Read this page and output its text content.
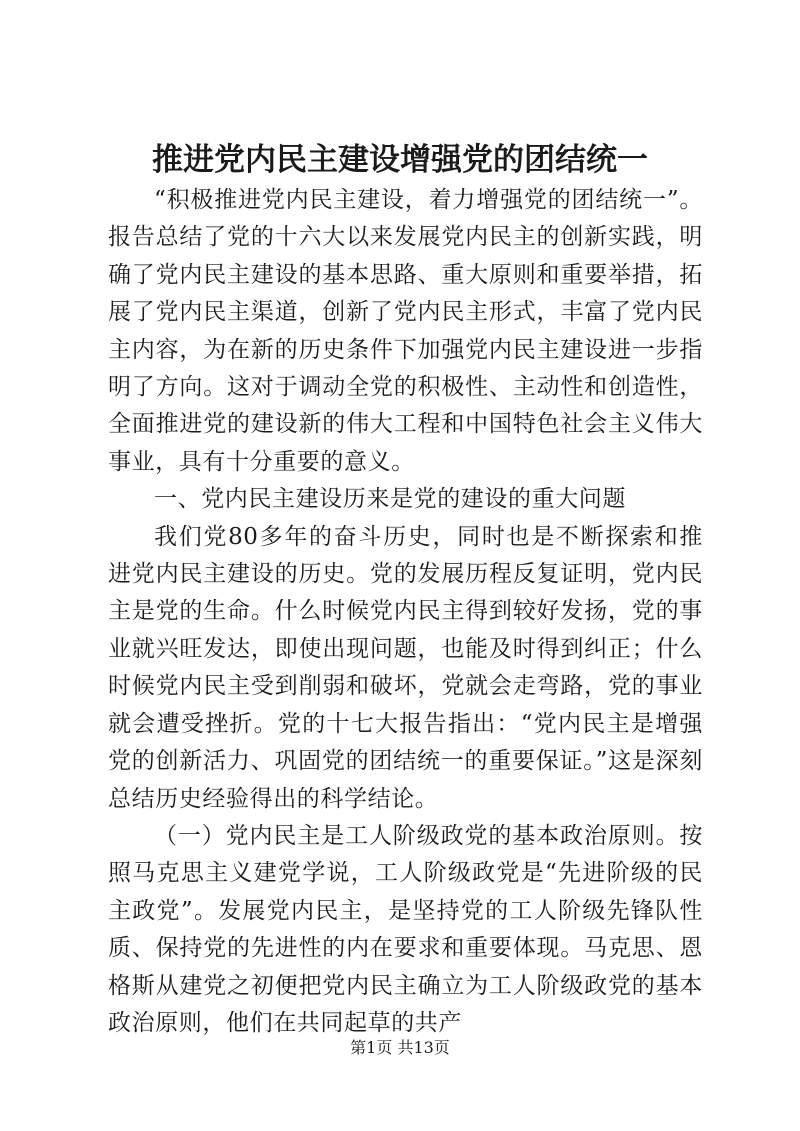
推进党内民主建设增强党的团结统一

“积极推进党内民主建设，着力增强党的团结统一”。报告总结了党的十六大以来发展党内民主的创新实践，明确了党内民主建设的基本思路、重大原则和重要举措，拓展了党内民主渠道，创新了党内民主形式，丰富了党内民主内容，为在新的历史条件下加强党内民主建设进一步指明了方向。这对于调动全党的积极性、主动性和创造性，全面推进党的建设新的伟大工程和中国特色社会主义伟大事业，具有十分重要的意义。

一、党内民主建设历来是党的建设的重大问题

我们党80多年的奋斗历史，同时也是不断探索和推进党内民主建设的历史。党的发展历程反复证明，党内民主是党的生命。什么时候党内民主得到较好发扬，党的事业就兴旺发达，即使出现问题，也能及时得到纠正；什么时候党内民主受到削弱和破坏，党就会走弯路，党的事业就会遭受挫折。党的十七大报告指出：“党内民主是增强党的创新活力、巩固党的团结统一的重要保证。”这是深刻总结历史经验得出的科学结论。

（一）党内民主是工人阶级政党的基本政治原则。按照马克思主义建党学说，工人阶级政党是“先进阶级的民主政党”。发展党内民主，是坚持党的工人阶级先锋队性质、保持党的先进性的内在要求和重要体现。马克思、恩格斯从建党之初便把党内民主确立为工人阶级政党的基本政治原则，他们在共同起草的共产

第1页 共13页
